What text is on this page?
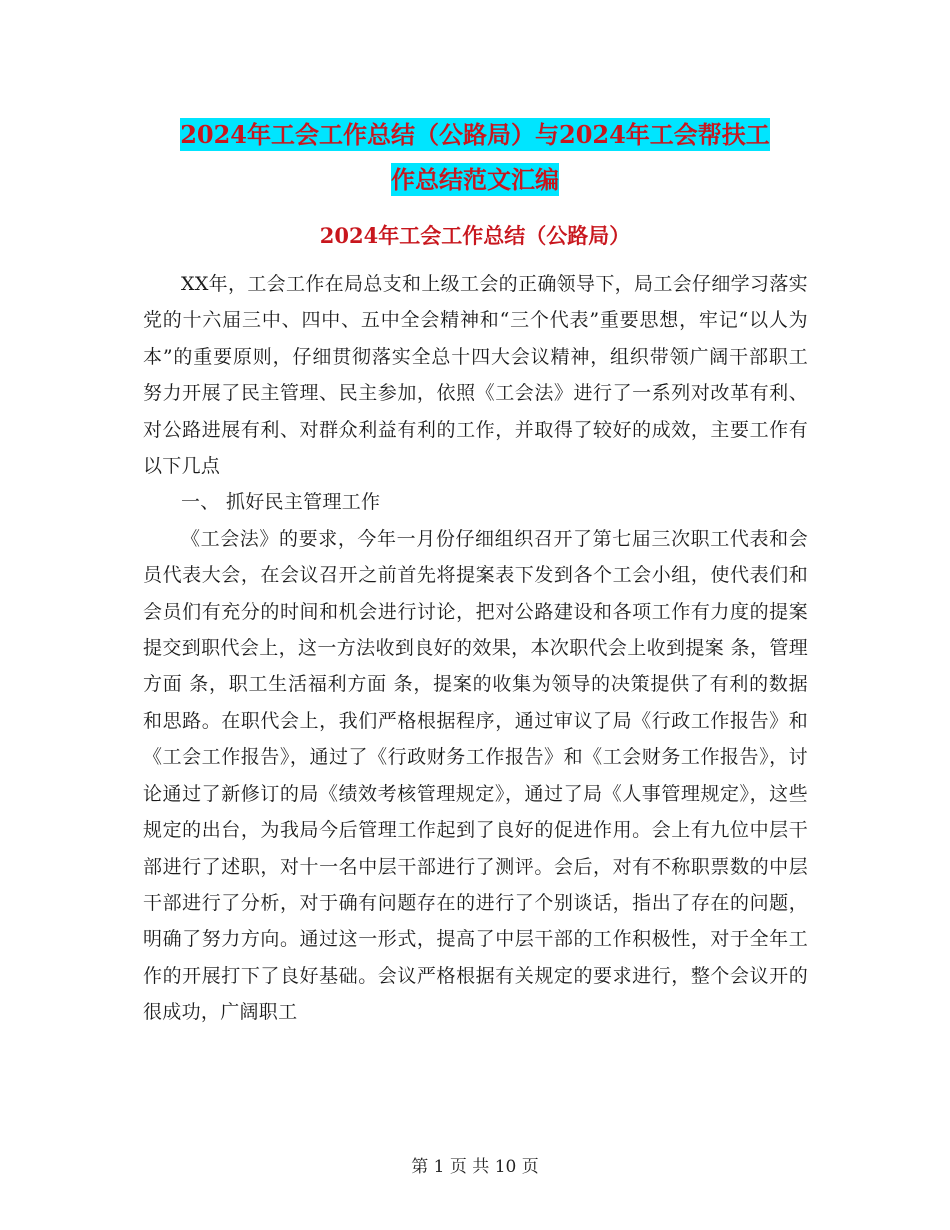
2024年工会工作总结（公路局）与2024年工会帮扶工
作总结范文汇编
2024年工会工作总结（公路局）

XX年，工会工作在局总支和上级工会的正确领导下，局工会仔细学习落实党的十六届三中、四中、五中全会精神和“三个代表”重要思想，牢记“以人为本”的重要原则，仔细贯彻落实全总十四大会议精神，组织带领广阔干部职工努力开展了民主管理、民主参加，依照《工会法》进行了一系列对改革有利、对公路进展有利、对群众利益有利的工作，并取得了较好的成效，主要工作有以下几点

一、 抓好民主管理工作

《工会法》的要求，今年一月份仔细组织召开了第七届三次职工代表和会员代表大会，在会议召开之前首先将提案表下发到各个工会小组，使代表们和会员们有充分的时间和机会进行讨论，把对公路建设和各项工作有力度的提案提交到职代会上，这一方法收到良好的效果，本次职代会上收到提案 条，管理方面 条，职工生活福利方面 条，提案的收集为领导的决策提供了有利的数据和思路。在职代会上，我们严格根据程序，通过审议了局《行政工作报告》和《工会工作报告》，通过了《行政财务工作报告》和《工会财务工作报告》，讨论通过了新修订的局《绩效考核管理规定》，通过了局《人事管理规定》，这些规定的出台，为我局今后管理工作起到了良好的促进作用。会上有九位中层干部进行了述职，对十一名中层干部进行了测评。会后，对有不称职票数的中层干部进行了分析，对于确有问题存在的进行了个别谈话，指出了存在的问题，明确了努力方向。通过这一形式，提高了中层干部的工作积极性，对于全年工作的开展打下了良好基础。会议严格根据有关规定的要求进行，整个会议开的很成功，广阔职工

第 1 页 共 10 页
